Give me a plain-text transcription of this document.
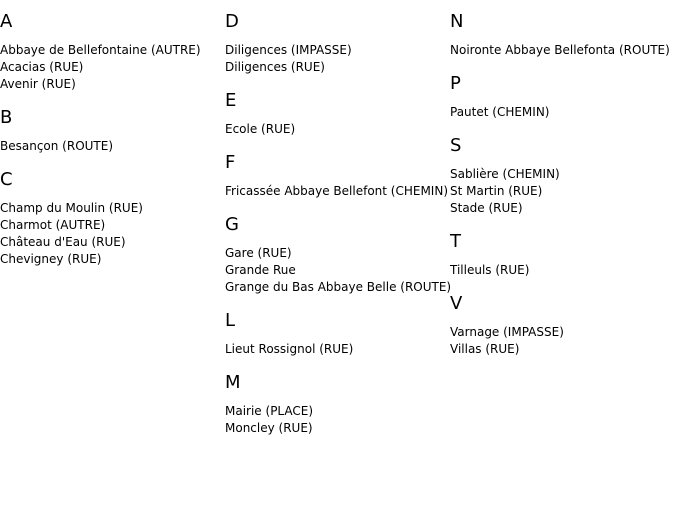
A
Abbaye de Bellefontaine (AUTRE)
Acacias (RUE)
Avenir (RUE)
B
Besançon (ROUTE)
C
Champ du Moulin (RUE)
Charmot (AUTRE)
Château d'Eau (RUE)
Chevigney (RUE)
D
Diligences (IMPASSE)
Diligences (RUE)
E
Ecole (RUE)
F
Fricassée Abbaye Bellefont (CHEMIN)
G
Gare (RUE)
Grande Rue
Grange du Bas Abbaye Belle (ROUTE)
L
Lieut Rossignol (RUE)
M
Mairie (PLACE)
Moncley (RUE)
N
Noironte Abbaye Bellefonta (ROUTE)
P
Pautet (CHEMIN)
S
Sablière (CHEMIN)
St Martin (RUE)
Stade (RUE)
T
Tilleuls (RUE)
V
Varnage (IMPASSE)
Villas (RUE)
